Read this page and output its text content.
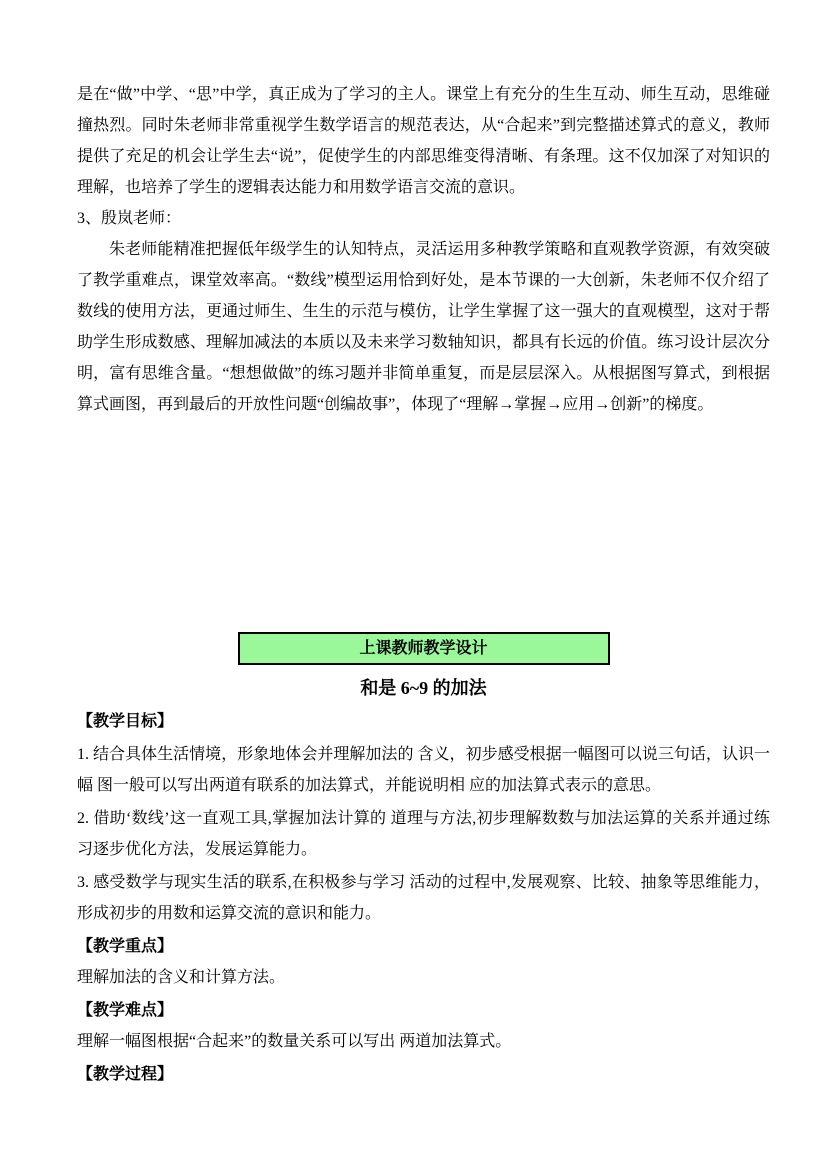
是在“做”中学、“思”中学，真正成为了学习的主人。课堂上有充分的生生互动、师生互动，思维碰撞热烈。同时朱老师非常重视学生数学语言的规范表达，从“合起来”到完整描述算式的意义，教师提供了充足的机会让学生去“说”，促使学生的内部思维变得清晰、有条理。这不仅加深了对知识的理解，也培养了学生的逻辑表达能力和用数学语言交流的意识。

3、殷岚老师：

朱老师能精准把握低年级学生的认知特点，灵活运用多种教学策略和直观教学资源，有效突破了教学重难点，课堂效率高。“数线”模型运用恰到好处，是本节课的一大创新，朱老师不仅介绍了数线的使用方法，更通过师生、生生的示范与模仿，让学生掌握了这一强大的直观模型，这对于帮助学生形成数感、理解加减法的本质以及未来学习数轴知识，都具有长远的价值。练习设计层次分明，富有思维含量。“想想做做”的练习题并非简单重复，而是层层深入。从根据图写算式，到根据算式画图，再到最后的开放性问题“创编故事”，体现了“理解→掌握→应用→创新”的梯度。

上课教师教学设计

和是 6~9 的加法

【教学目标】

1. 结合具体生活情境，形象地体会并理解加法的 含义，初步感受根据一幅图可以说三句话，认识一幅 图一般可以写出两道有联系的加法算式，并能说明相 应的加法算式表示的意思。

2. 借助‘数线’这一直观工具,掌握加法计算的 道理与方法,初步理解数数与加法运算的关系并通过练习逐步优化方法，发展运算能力。

3. 感受数学与现实生活的联系,在积极参与学习 活动的过程中,发展观察、比较、抽象等思维能力， 形成初步的用数和运算交流的意识和能力。

【教学重点】

理解加法的含义和计算方法。

【教学难点】

理解一幅图根据“合起来”的数量关系可以写出 两道加法算式。

【教学过程】
